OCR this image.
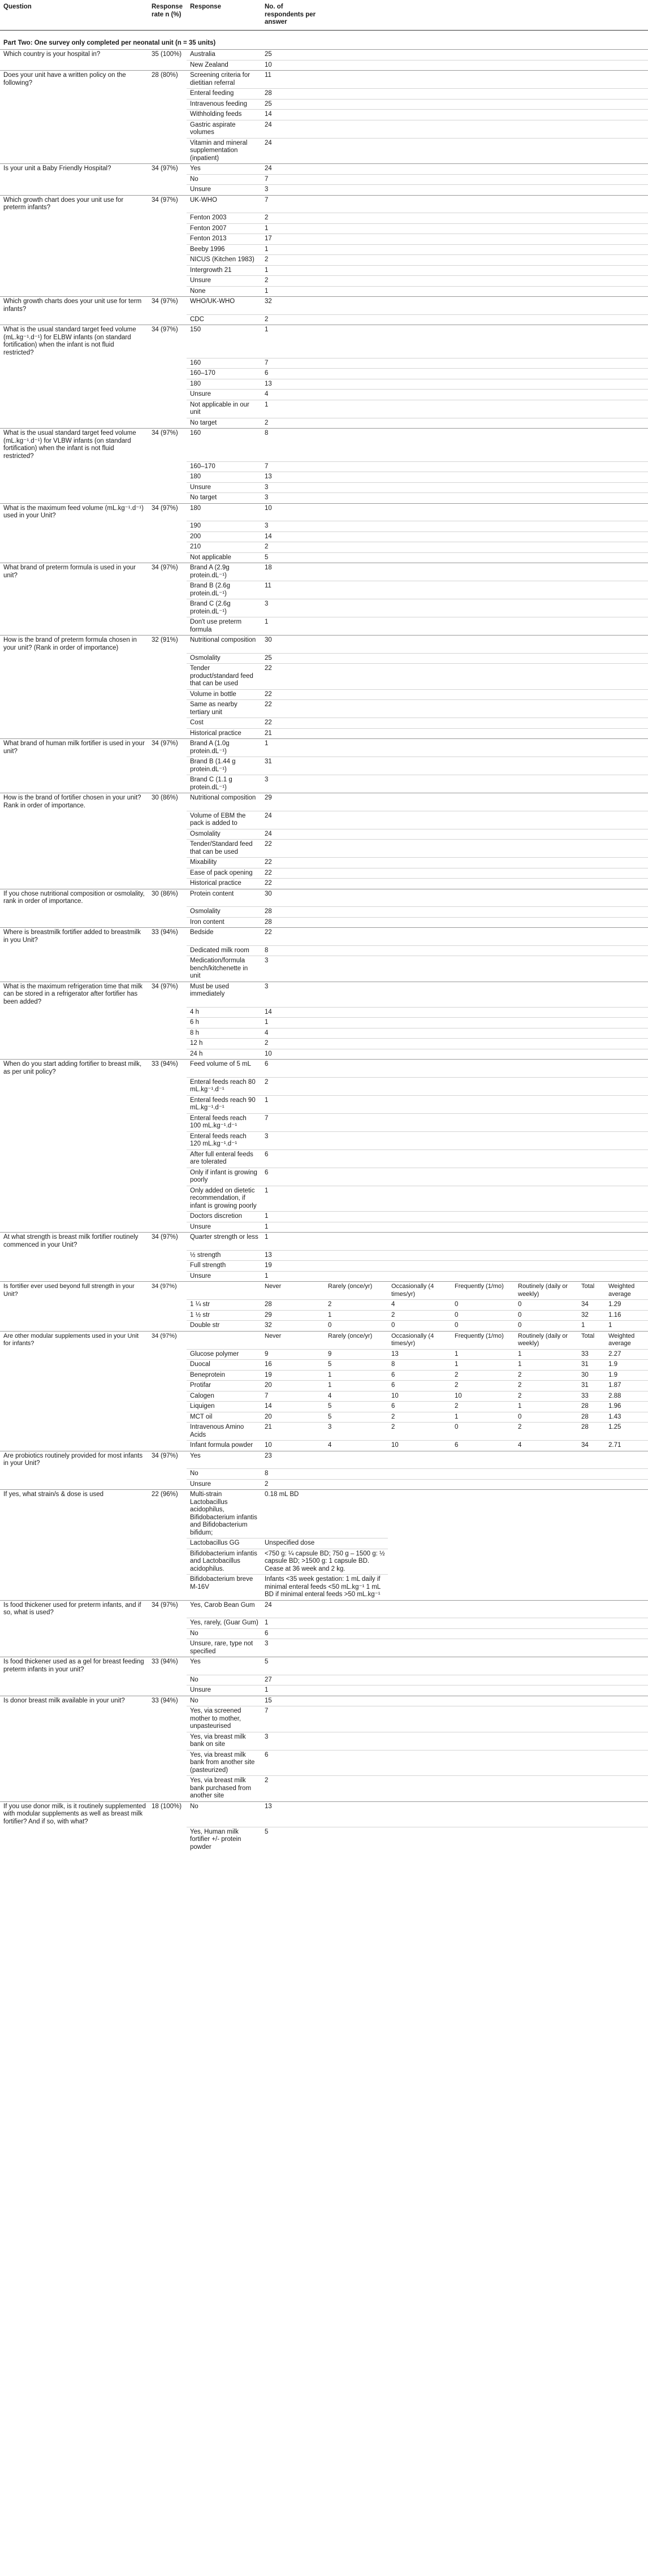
Question	Response rate n (%)	Response	No. of respondents per answer						
Part Two: One survey only completed per neonatal unit (n = 35 units)									
Which country is your hospital in?	35 (100%)	Australia	25						
		New Zealand	10						
Does your unit have a written policy on the following?	28 (80%)	Screening criteria for dietitian referral	11						
		Enteral feeding	28						
		Intravenous feeding	25						
		Withholding feeds	14						
		Gastric aspirate volumes	24						
		Vitamin and mineral supplementation (inpatient)	24						
Is your unit a Baby Friendly Hospital?	34 (97%)	Yes	24						
		No	7						
		Unsure	3						
Which growth chart does your unit use for preterm infants?	34 (97%)	UK-WHO	7						
		Fenton 2003	2						
		Fenton 2007	1						
		Fenton 2013	17						
		Beeby 1996	1						
		NICUS (Kitchen 1983)	2						
		Intergrowth 21	1						
		Unsure	2						
		None	1						
Which growth charts does your unit use for term infants?	34 (97%)	WHO/UK-WHO	32						
		CDC	2						
What is the usual standard target feed volume (mL.kg⁻¹.d⁻¹) for ELBW infants (on standard fortification) when the infant is not fluid restricted?	34 (97%)	150	1						
		160	7						
		160–170	6						
		180	13						
		Unsure	4						
		Not applicable in our unit	1						
		No target	2						
What is the usual standard target feed volume (mL.kg⁻¹.d⁻¹) for VLBW infants (on standard fortification) when the infant is not fluid restricted?	34 (97%)	160	8						
		160–170	7						
		180	13						
		Unsure	3						
		No target	3						
What is the maximum feed volume (mL.kg⁻¹.d⁻¹) used in your Unit?	34 (97%)	180	10						
		190	3						
		200	14						
		210	2						
		Not applicable	5						
What brand of preterm formula is used in your unit?	34 (97%)	Brand A (2.9g protein.dL⁻¹)	18						
		Brand B (2.6g protein.dL⁻¹)	11						
		Brand C (2.6g protein.dL⁻¹)	3						
		Don't use preterm formula	1						
How is the brand of preterm formula chosen in your unit? (Rank in order of importance)	32 (91%)	Nutritional composition	30						
		Osmolality	25						
		Tender product/standard feed that can be used	22						
		Volume in bottle	22						
		Same as nearby tertiary unit	22						
		Cost	22						
		Historical practice	21						
What brand of human milk fortifier is used in your unit?	34 (97%)	Brand A (1.0g protein.dL⁻¹)	1						
		Brand B (1.44 g protein.dL⁻¹)	31						
		Brand C (1.1 g protein.dL⁻¹)	3						
How is the brand of fortifier chosen in your unit? Rank in order of importance.	30 (86%)	Nutritional composition	29						
		Volume of EBM the pack is added to	24						
		Osmolality	24						
		Tender/Standard feed that can be used	22						
		Mixability	22						
		Ease of pack opening	22						
		Historical practice	22						
If you chose nutritional composition or osmolality, rank in order of importance.	30 (86%)	Protein content	30						
		Osmolality	28						
		Iron content	28						
Where is breastmilk fortifier added to breastmilk in you Unit?	33 (94%)	Bedside	22						
		Dedicated milk room	8						
		Medication/formula bench/kitchenette in unit	3						
What is the maximum refrigeration time that milk can be stored in a refrigerator after fortifier has been added?	34 (97%)	Must be used immediately	3						
		4 h	14						
		6 h	1						
		8 h	4						
		12 h	2						
		24 h	10						
When do you start adding fortifier to breast milk, as per unit policy?	33 (94%)	Feed volume of 5 mL	6						
		Enteral feeds reach 80 mL.kg⁻¹.d⁻¹	2						
		Enteral feeds reach 90 mL.kg⁻¹.d⁻¹	1						
		Enteral feeds reach 100 mL.kg⁻¹.d⁻¹	7						
		Enteral feeds reach 120 mL.kg⁻¹.d⁻¹	3						
		After full enteral feeds are tolerated	6						
		Only if infant is growing poorly	6						
		Only added on dietetic recommendation, if infant is growing poorly	1						
		Doctors discretion	1						
		Unsure	1						
At what strength is breast milk fortifier routinely commenced in your Unit?	34 (97%)	Quarter strength or less	1						
		½ strength	13						
		Full strength	19						
		Unsure	1						
Is fortifier ever used beyond full strength in your Unit?	34 (97%)		Never	Rarely (once/yr)	Occasionally (4 times/yr)	Frequently (1/mo)	Routinely (daily or weekly)	Total	Weighted average
		1 ¼ str	28	2	4	0	0	34	1.29
		1 ½ str	29	1	2	0	0	32	1.16
		Double str	32	0	0	0	0	1	1
Are other modular supplements used in your Unit for infants?	34 (97%)		Never	Rarely (once/yr)	Occasionally (4 times/yr)	Frequently (1/mo)	Routinely (daily or weekly)	Total	Weighted average
		Glucose polymer	9	9	13	1	1	33	2.27
		Duocal	16	5	8	1	1	31	1.9
		Beneprotein	19	1	6	2	2	30	1.9
		Protifar	20	1	6	2	2	31	1.87
		Calogen	7	4	10	10	2	33	2.88
		Liquigen	14	5	6	2	1	28	1.96
		MCT oil	20	5	2	1	0	28	1.43
		Intravenous Amino Acids	21	3	2	0	2	28	1.25
		Infant formula powder	10	4	10	6	4	34	2.71
Are probiotics routinely provided for most infants in your Unit?	34 (97%)	Yes	23						
		No	8						
		Unsure	2						
If yes, what strain/s & dose is used	22 (96%)	Multi-strain Lactobacillus acidophilus, Bifidobacterium infantis and Bifidobacterium bifidum;	0.18 mL BD						
		Lactobacillus GG	Unspecified dose						
		Bifidobacterium infantis and Lactobacillus acidophilus.	<750 g: ¼ capsule BD; 750 g – 1500 g: ½ capsule BD; >1500 g: 1 capsule BD. Cease at 36 week and 2 kg.						
		Bifidobacterium breve M-16V	Infants <35 week gestation: 1 mL daily if minimal enteral feeds <50 mL.kg⁻¹ 1 mL BD if minimal enteral feeds >50 mL.kg⁻¹						
Is food thickener used for preterm infants, and if so, what is used?	34 (97%)	Yes, Carob Bean Gum	24						
		Yes, rarely, (Guar Gum)	1						
		No	6						
		Unsure, rare, type not specified	3						
Is food thickener used as a gel for breast feeding preterm infants in your unit?	33 (94%)	Yes	5						
		No	27						
		Unsure	1						
Is donor breast milk available in your unit?	33 (94%)	No	15						
		Yes, via screened mother to mother, unpasteurised	7						
		Yes, via breast milk bank on site	3						
		Yes, via breast milk bank from another site (pasteurized)	6						
		Yes, via breast milk bank purchased from another site	2						
If you use donor milk, is it routinely supplemented with modular supplements as well as breast milk fortifier? And if so, with what?	18 (100%)	No	13						
		Yes, Human milk fortifier +/- protein powder	5						
